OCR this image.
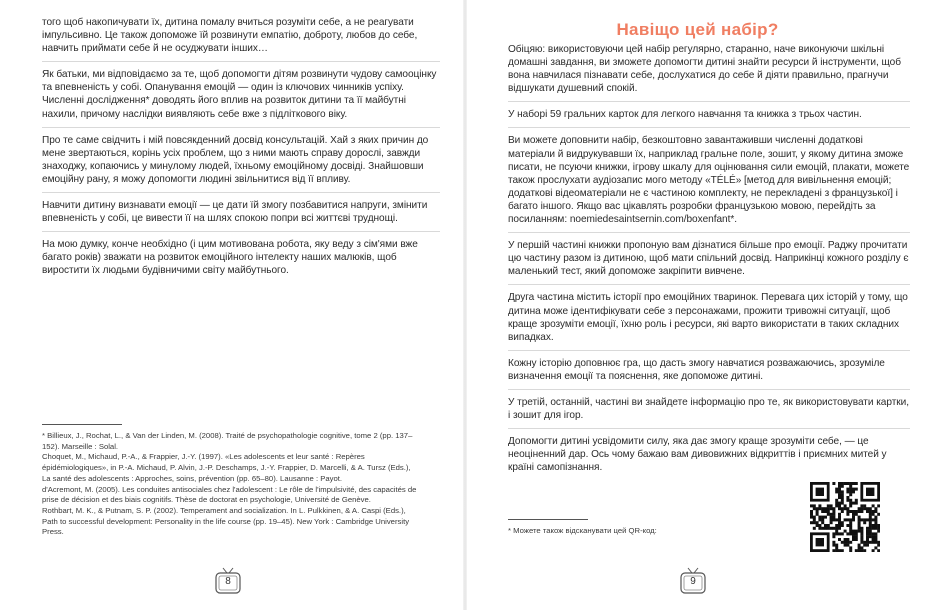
того щоб накопичувати їх, дитина помалу вчиться розуміти себе, а не реагувати імпульсивно. Це також допоможе їй розвинути емпатію, доброту, любов до себе, навчить приймати себе й не осуджувати інших…

Як батьки, ми відповідаємо за те, щоб допомогти дітям розвинути чудову самооцінку та впевненість у собі. Опанування емоцій — один із ключових чинників успіху. Численні дослідження* доводять його вплив на розвиток дитини та її майбутні нахили, причому наслідки виявляють себе вже з підліткового віку.

Про те саме свідчить і мій повсякденний досвід консультацій. Хай з яких причин до мене звертаються, корінь усіх проблем, що з ними мають справу дорослі, завжди знаходжу, копаючись у минулому людей, їхньому емоційному досвіді. Знайшовши емоційну рану, я можу допомогти людині звільнитися від її впливу.

Навчити дитину визнавати емоції — це дати їй змогу позбавитися напруги, змінити впевненість у собі, це вивести її на шлях спокою попри всі життєві труднощі.

На мою думку, конче необхідно (і цим мотивована робота, яку веду з сім'ями вже багато років) зважати на розвиток емоційного інтелекту наших малюків, щоб виростити їх людьми будівничими світу майбутнього.

* Billieux, J., Rochat, L., & Van der Linden, M. (2008). Traité de psychopathologie cognitive, tome 2 (pp. 137–152). Marseille : Solal.

Choquet, M., Michaud, P.-A., & Frappier, J.-Y. (1997). «Les adolescents et leur santé : Repères épidémiologiques», in P.-A. Michaud, P. Alvin, J.-P. Deschamps, J.-Y. Frappier, D. Marcelli, & A. Tursz (Eds.), La santé des adolescents : Approches, soins, prévention (pp. 65–80). Lausanne : Payot.

d'Acremont, M. (2005). Les conduites antisociales chez l'adolescent : Le rôle de l'impulsivité, des capacités de prise de décision et des biais cognitifs. Thèse de doctorat en psychologie, Université de Genève.

Rothbart, M. K., & Putnam, S. P. (2002). Temperament and socialization. In L. Pulkkinen, & A. Caspi (Eds.), Path to successful development: Personality in the life course (pp. 19–45). New York : Cambridge University Press.

8
Навіщо цей набір?

Обіцяю: використовуючи цей набір регулярно, старанно, наче виконуючи шкільні домашні завдання, ви зможете допомогти дитині знайти ресурси й інструменти, щоб вона навчилася пізнавати себе, дослухатися до себе й діяти правильно, прагнучи відшукати душевний спокій.

У наборі 59 гральних карток для легкого навчання та книжка з трьох частин.

Ви можете доповнити набір, безкоштовно завантаживши численні додаткові матеріали й видрукувавши їх, наприклад гральне поле, зошит, у якому дитина зможе писати, не псуючи книжки, ігрову шкалу для оцінювання сили емоцій, плакати, можете також прослухати аудіозапис мого методу «TÉLÉ» [метод для вивільнення емоцій; додаткові відеоматеріали не є частиною комплекту, не перекладені з французької] і багато іншого. Якщо вас цікавлять розробки французькою мовою, перейдіть за посиланням: noemiedesaintsernin.com/boxenfant*.

У першій частині книжки пропоную вам дізнатися більше про емоції. Раджу прочитати цю частину разом із дитиною, щоб мати спільний досвід. Наприкінці кожного розділу є маленький тест, який допоможе закріпити вивчене.

Друга частина містить історії про емоційних тваринок. Перевага цих історій у тому, що дитина може ідентифікувати себе з персонажами, прожити тривожні ситуації, щоб краще зрозуміти емоції, їхню роль і ресурси, які варто використати в таких складних випадках.

Кожну історію доповнює гра, що дасть змогу навчатися розважаючись, зрозуміле визначення емоції та пояснення, яке допоможе дитині.

У третій, останній, частині ви знайдете інформацію про те, як використовувати картки, і зошит для ігор.

Допомогти дитині усвідомити силу, яка дає змогу краще зрозуміти себе, — це неоціненний дар. Ось чому бажаю вам дивовижних відкриттів і приємних митей у країні самопізнання.

* Можете також відсканувати цей QR-код:
9
